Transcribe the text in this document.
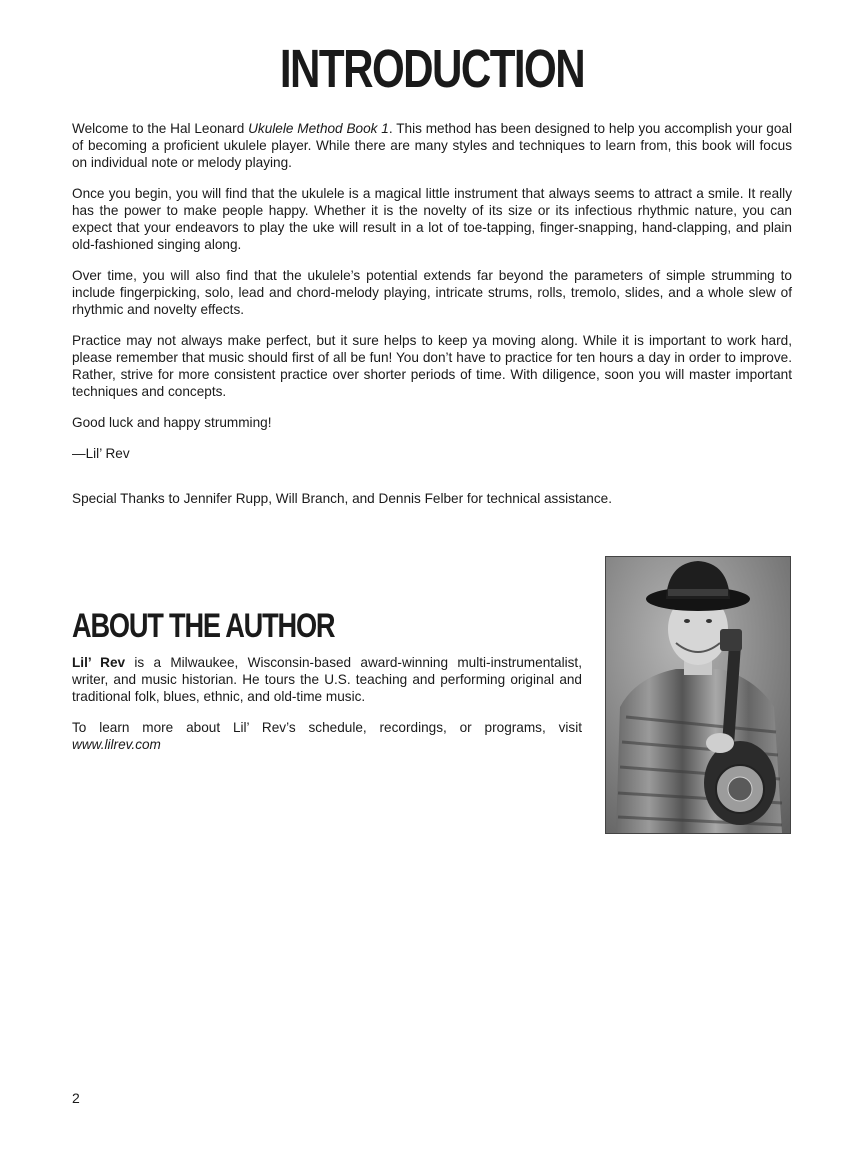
INTRODUCTION

Welcome to the Hal Leonard Ukulele Method Book 1. This method has been designed to help you accomplish your goal of becoming a proficient ukulele player. While there are many styles and techniques to learn from, this book will focus on individual note or melody playing.

Once you begin, you will find that the ukulele is a magical little instrument that always seems to attract a smile. It really has the power to make people happy. Whether it is the novelty of its size or its infectious rhythmic nature, you can expect that your endeavors to play the uke will result in a lot of toe-tapping, finger-snapping, hand-clapping, and plain old-fashioned singing along.

Over time, you will also find that the ukulele’s potential extends far beyond the parameters of simple strumming to include fingerpicking, solo, lead and chord-melody playing, intricate strums, rolls, tremolo, slides, and a whole slew of rhythmic and novelty effects.

Practice may not always make perfect, but it sure helps to keep ya moving along. While it is important to work hard, please remember that music should first of all be fun! You don’t have to practice for ten hours a day in order to improve. Rather, strive for more consistent practice over shorter periods of time. With diligence, soon you will master important techniques and concepts.

Good luck and happy strumming!

—Lil’ Rev

Special Thanks to Jennifer Rupp, Will Branch, and Dennis Felber for technical assistance.

ABOUT THE AUTHOR

Lil’ Rev is a Milwaukee, Wisconsin-based award-winning multi-instrumentalist, writer, and music historian. He tours the U.S. teaching and performing original and traditional folk, blues, ethnic, and old-time music.

To learn more about Lil’ Rev’s schedule, recordings, or programs, visit www.lilrev.com

2
